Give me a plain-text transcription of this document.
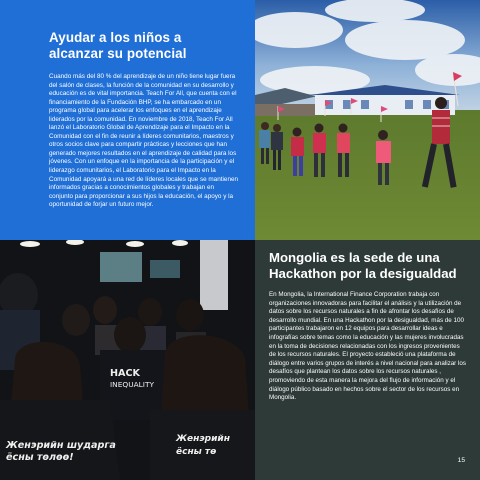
Ayudar a los niños a alcanzar su potencial

Cuando más del 80 % del aprendizaje de un niño tiene lugar fuera del salón de clases, la función de la comunidad en su desarrollo y educación es de vital importancia. Teach For All, que cuenta con el financiamiento de la Fundación BHP, se ha embarcado en un programa global para acelerar los enfoques en el aprendizaje liderados por la comunidad. En noviembre de 2018, Teach For All lanzó el Laboratorio Global de Aprendizaje para el Impacto en la Comunidad con el fin de reunir a líderes comunitarios, maestros y otros socios clave para compartir prácticas y lecciones que han generado mejores resultados en el aprendizaje de calidad para los jóvenes. Con un enfoque en la importancia de la participación y el liderazgo comunitarios, el Laboratorio para el Impacto en la Comunidad apoyará a una red de líderes locales que se mantienen informados gracias a conocimientos globales y trabajan en conjunto para proporcionar a sus hijos la educación, el apoyo y la oportunidad de forjar un futuro mejor.

HACK
INEQUALITY
Женэрийн шударга
ёсны төлөө!
Женэрийн
ёсны тө
Mongolia es la sede de una Hackathon por la desigualdad

En Mongolia, la International Finance Corporation trabaja con organizaciones innovadoras para facilitar el análisis y la utilización de datos sobre los recursos naturales a fin de afrontar los desafíos de desarrollo mundial. En una Hackathon por la desigualdad, más de 100 participantes trabajaron en 12 equipos para desarrollar ideas e infografías sobre temas como la educación y las mujeres involucradas en la toma de decisiones relacionadas con los ingresos provenientes de los recursos naturales. El proyecto estableció una plataforma de diálogo entre varios grupos de interés a nivel nacional para analizar los desafíos que plantean los datos sobre los recursos naturales , promoviendo de esta manera la mejora del flujo de información y el diálogo público basado en hechos sobre el sector de los recursos en Mongolia.

15
